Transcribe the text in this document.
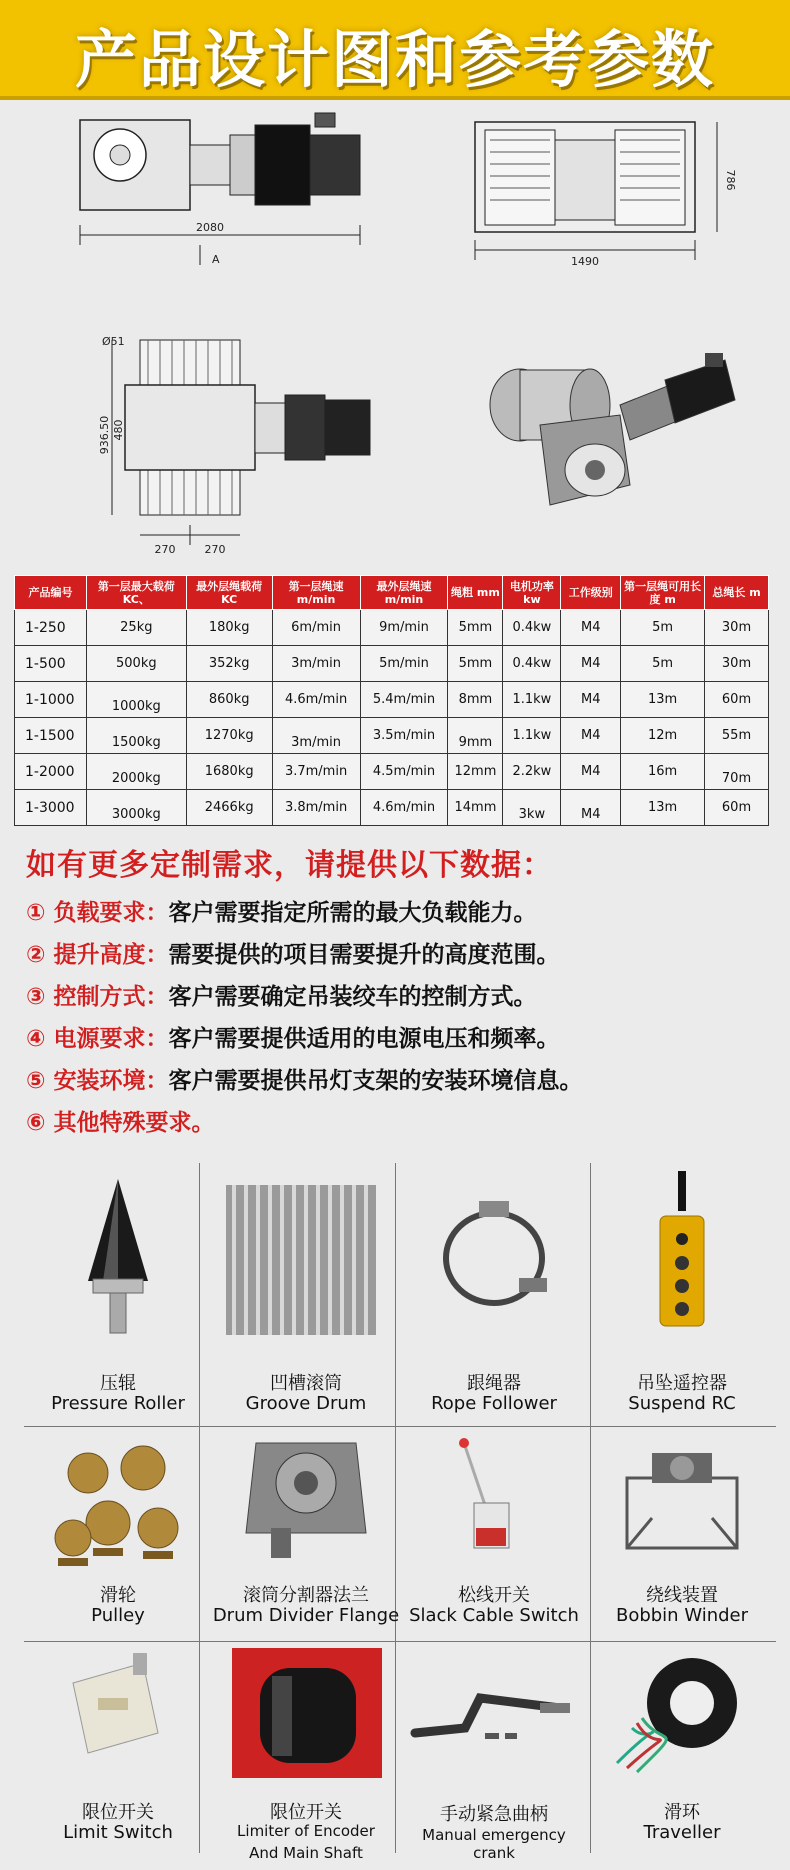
产品设计图和参考参数
2080
A	1490
786
Ø51
936.50 480
270	270
产品编号	第一层最大载荷 KC、	最外层绳载荷 KC	第一层绳速 m/min	最外层绳速 m/min	绳粗 mm	电机功率 kw	工作级别	第一层绳可用长度 m	总绳长 m
1-250	25kg	180kg	6m/min	9m/min	5mm	0.4kw	M4	5m	30m
1-500	500kg	352kg	3m/min	5m/min	5mm	0.4kw	M4	5m	30m
1-1000	1000kg	860kg	4.6m/min	5.4m/min	8mm	1.1kw	M4	13m	60m
1-1500	1500kg	1270kg	3m/min	3.5m/min	9mm	1.1kw	M4	12m	55m
1-2000	2000kg	1680kg	3.7m/min	4.5m/min	12mm	2.2kw	M4	16m	70m
1-3000	3000kg	2466kg	3.8m/min	4.6m/min	14mm	3kw	M4	13m	60m
如有更多定制需求，请提供以下数据：
① 负载要求：客户需要指定所需的最大负载能力。
② 提升高度：需要提供的项目需要提升的高度范围。
③ 控制方式：客户需要确定吊装绞车的控制方式。
④ 电源要求：客户需要提供适用的电源电压和频率。
⑤ 安装环境：客户需要提供吊灯支架的安装环境信息。
⑥ 其他特殊要求。
压辊
Pressure Roller
凹槽滚筒
Groove Drum
跟绳器
Rope Follower
吊坠遥控器
Suspend RC
滑轮
Pulley
滚筒分割器法兰
Drum Divider Flange
松线开关
Slack Cable Switch
绕线装置
Bobbin Winder
限位开关
Limit Switch
限位开关
Limiter of Encoder
And Main Shaft
手动紧急曲柄
Manual emergency crank
滑环
Traveller
